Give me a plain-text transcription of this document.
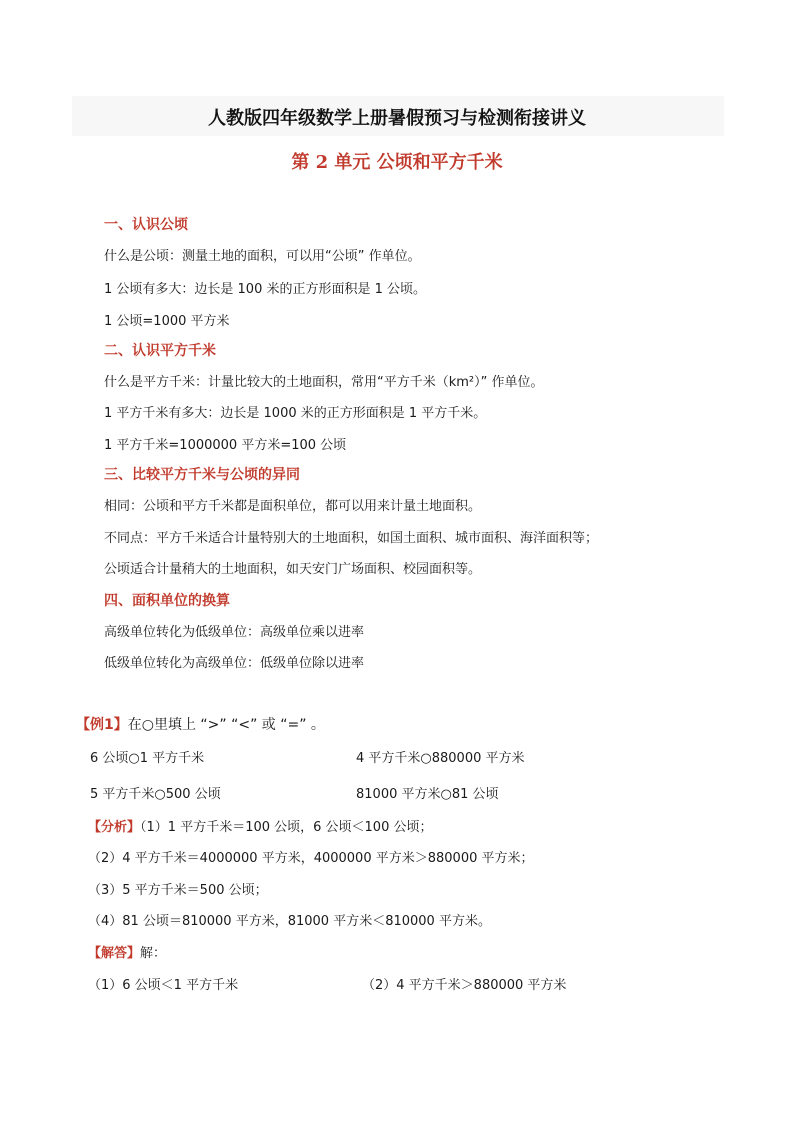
人教版四年级数学上册暑假预习与检测衔接讲义
第 2 单元 公顷和平方千米
一、认识公顷
什么是公顷：测量土地的面积，可以用“公顷” 作单位。
1 公顷有多大：边长是 100 米的正方形面积是 1 公顷。
1 公顷=1000 平方米
二、认识平方千米
什么是平方千米：计量比较大的土地面积，常用“平方千米（km²）” 作单位。
1 平方千米有多大：边长是 1000 米的正方形面积是 1 平方千米。
1 平方千米=1000000 平方米=100 公顷
三、比较平方千米与公顷的异同
相同：公顷和平方千米都是面积单位，都可以用来计量土地面积。
不同点：平方千米适合计量特别大的土地面积，如国土面积、城市面积、海洋面积等；
公顷适合计量稍大的土地面积，如天安门广场面积、校园面积等。
四、面积单位的换算
高级单位转化为低级单位：高级单位乘以进率
低级单位转化为高级单位：低级单位除以进率
【例1】在○里填上 “>” “<” 或 “=” 。
6 公顷○1 平方千米	4 平方千米○880000 平方米
5 平方千米○500 公顷	81000 平方米○81 公顷
【分析】（1）1 平方千米＝100 公顷，6 公顷＜100 公顷；
（2）4 平方千米＝4000000 平方米，4000000 平方米＞880000 平方米；
（3）5 平方千米＝500 公顷；
（4）81 公顷＝810000 平方米，81000 平方米＜810000 平方米。
【解答】解：
（1）6 公顷＜1 平方千米	（2）4 平方千米＞880000 平方米
